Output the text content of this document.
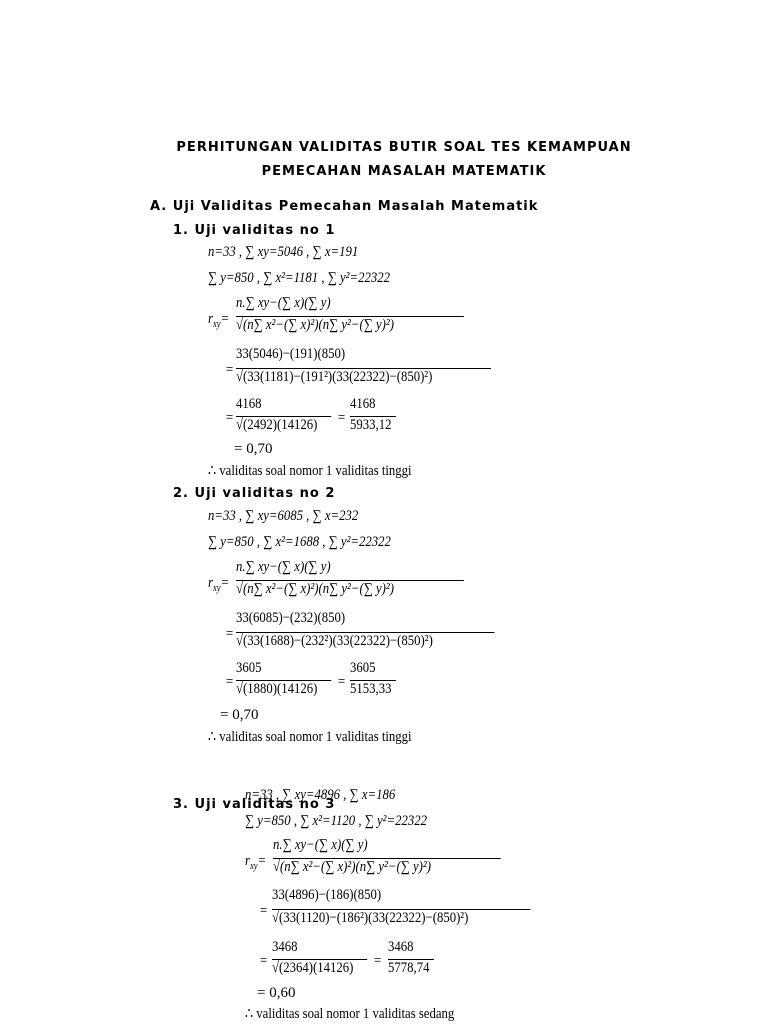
PERHITUNGAN VALIDITAS BUTIR SOAL TES KEMAMPUAN
PEMECAHAN MASALAH MATEMATIK
A. Uji Validitas Pemecahan Masalah Matematik
1. Uji validitas no 1
n=33 , ∑ xy=5046 , ∑ x=191
∑ y=850 , ∑ x²=1181 , ∑ y²=22322
$r_{xy}=$
n.∑ xy−(∑ x)(∑ y)
√(n∑ x²−(∑ x)²)(n∑ y²−(∑ y)²)
=
33(5046)−(191)(850)
√(33(1181)−(191²)(33(22322)−(850)²)
=
4168
√(2492)(14126) =
4168
5933,12
= 0,70
∴ validitas soal nomor 1 validitas tinggi
2. Uji validitas no 2
n=33 , ∑ xy=6085 , ∑ x=232
∑ y=850 , ∑ x²=1688 , ∑ y²=22322
$r_{xy}=$
n.∑ xy−(∑ x)(∑ y)
√(n∑ x²−(∑ x)²)(n∑ y²−(∑ y)²)
=
33(6085)−(232)(850)
√(33(1688)−(232²)(33(22322)−(850)²)
=
3605
√(1880)(14126) =
3605
5153,33
= 0,70
∴ validitas soal nomor 1 validitas tinggi
3. Uji validitas no 3
n=33 , ∑ xy=4896 , ∑ x=186
∑ y=850 , ∑ x²=1120 , ∑ y²=22322
$r_{xy}=$
n.∑ xy−(∑ x)(∑ y)
√(n∑ x²−(∑ x)²)(n∑ y²−(∑ y)²)
=
33(4896)−(186)(850)
√(33(1120)−(186²)(33(22322)−(850)²)
=
3468
√(2364)(14126) =
3468
5778,74
= 0,60
∴ validitas soal nomor 1 validitas sedang
